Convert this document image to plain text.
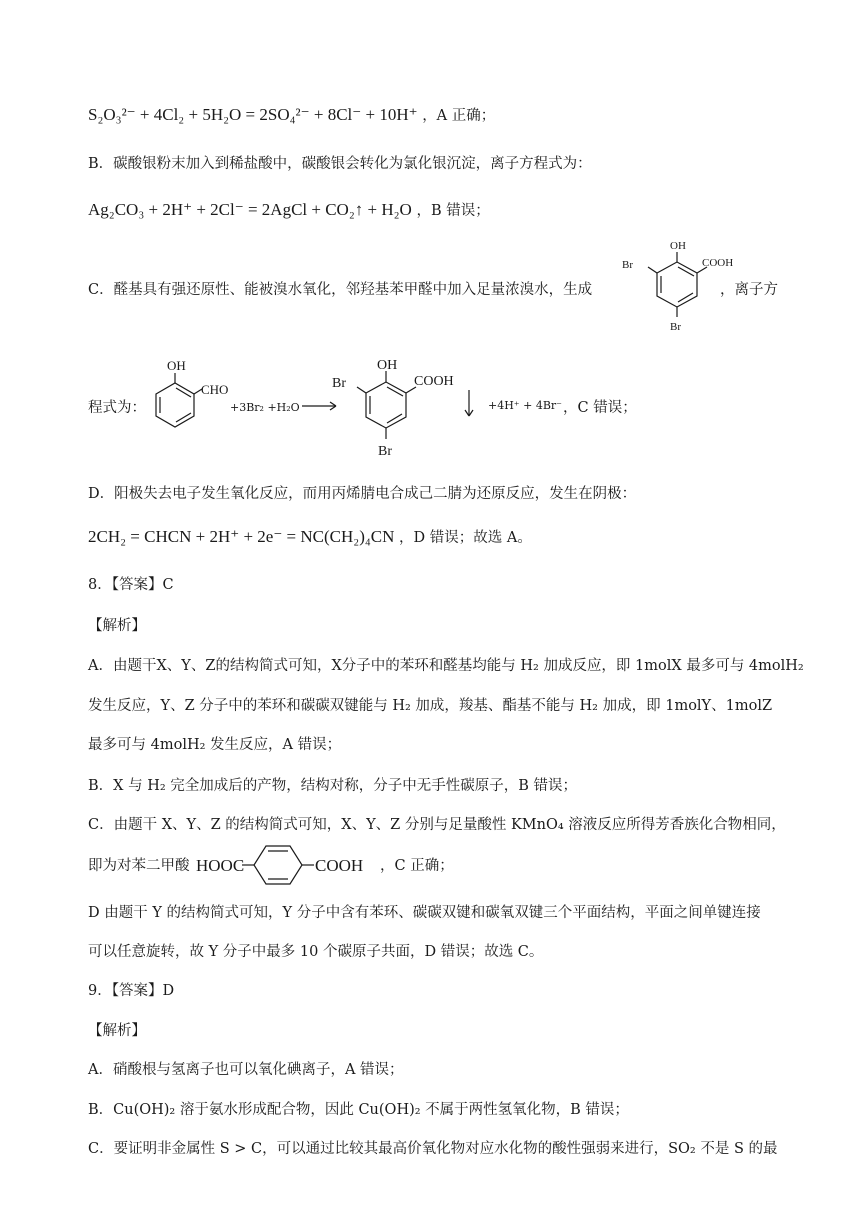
S₂O₃²⁻ + 4Cl₂ + 5H₂O = 2SO₄²⁻ + 8Cl⁻ + 10H⁺ ，A 正确；
B．碳酸银粉末加入到稀盐酸中，碳酸银会转化为氯化银沉淀，离子方程式为：
Ag₂CO₃ + 2H⁺ + 2Cl⁻ = 2AgCl + CO₂↑ + H₂O ，B 错误；
C．醛基具有强还原性、能被溴水氧化，邻羟基苯甲醛中加入足量浓溴水，生成
OH
COOH
Br
Br
，离子方
程式为：
OH
CHO
+3Br₂ +H₂O →
OH
COOH
Br
Br
+4H⁺ + 4Br⁻ ，C 错误；
D．阳极失去电子发生氧化反应，而用丙烯腈电合成己二腈为还原反应，发生在阴极：
2CH₂ = CHCN + 2H⁺ + 2e⁻ = NC(CH₂)₄CN ，D 错误；故选 A。
8．【答案】C
【解析】
A．由题干X、Y、Z的结构简式可知，X分子中的苯环和醛基均能与 H₂ 加成反应，即 1molX 最多可与 4molH₂
发生反应，Y、Z 分子中的苯环和碳碳双键能与 H₂ 加成，羧基、酯基不能与 H₂ 加成，即 1molY、1molZ
最多可与 4molH₂ 发生反应，A 错误；
B．X 与 H₂ 完全加成后的产物，结构对称，分子中无手性碳原子，B 错误；
C．由题干 X、Y、Z 的结构简式可知，X、Y、Z 分别与足量酸性 KMnO₄ 溶液反应所得芳香族化合物相同，
即为对苯二甲酸 HOOC	COOH ，C 正确；
D 由题干 Y 的结构简式可知，Y 分子中含有苯环、碳碳双键和碳氧双键三个平面结构，平面之间单键连接
可以任意旋转，故 Y 分子中最多 10 个碳原子共面，D 错误；故选 C。
9．【答案】D
【解析】
A．硝酸根与氢离子也可以氧化碘离子，A 错误；
B．Cu(OH)₂ 溶于氨水形成配合物，因此 Cu(OH)₂ 不属于两性氢氧化物，B 错误；
C．要证明非金属性 S > C，可以通过比较其最高价氧化物对应水化物的酸性强弱来进行，SO₂ 不是 S 的最
